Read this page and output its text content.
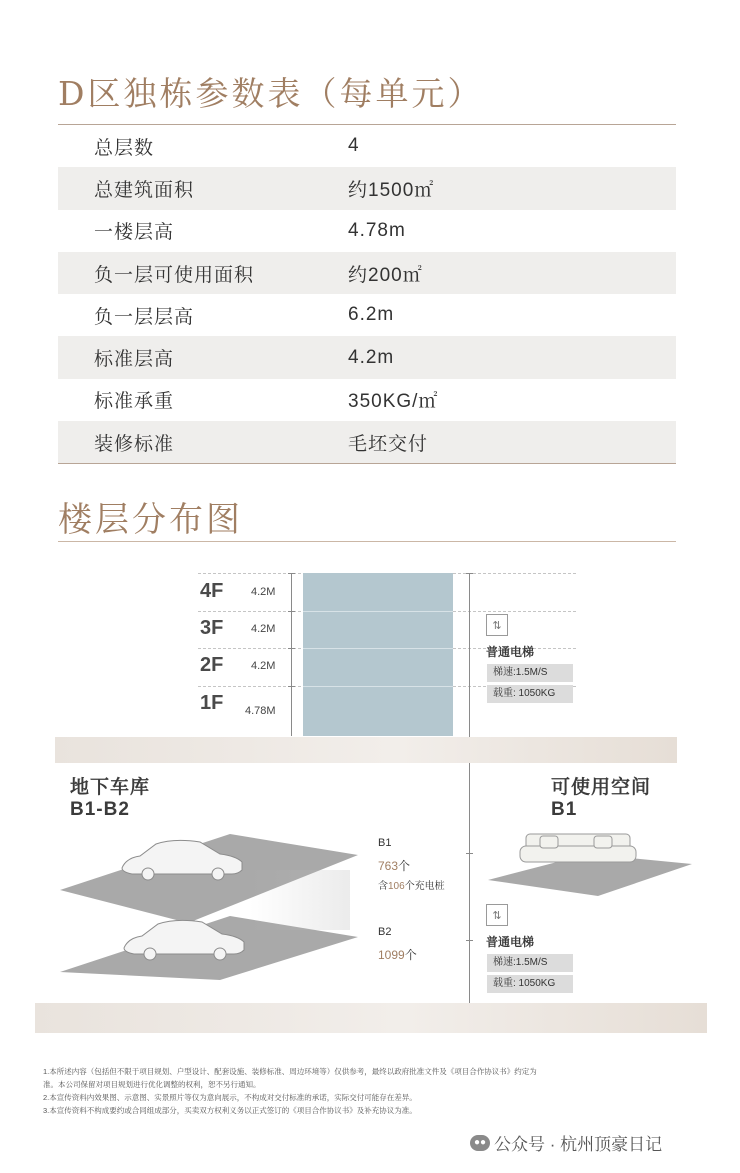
D区独栋参数表（每单元）
总层数	4
总建筑面积	约1500㎡
一楼层高	4.78m
负一层可使用面积	约200㎡
负一层层高	6.2m
标准层高	4.2m
标准承重	350KG/㎡
装修标准	毛坯交付
楼层分布图
4F	4.2M
3F	4.2M
2F	4.2M
1F	4.78M
⇅
普通电梯
梯速:1.5M/S
载重: 1050KG
地下车库
B1-B2
可使用空间
B1
B1
763个
含106个充电桩
B2
1099个
⇅
普通电梯
梯速:1.5M/S
载重: 1050KG
1.本所述内容（包括但不限于项目规划、户型设计、配套设施、装修标准、周边环境等）仅供参考，最终以政府批准文件及《项目合作协议书》约定为
准。本公司保留对项目规划进行优化调整的权利，恕不另行通知。
2.本宣传资料内效果图、示意图、实景照片等仅为意向展示，不构成对交付标准的承诺，实际交付可能存在差异。
3.本宣传资料不构成要约或合同组成部分，买卖双方权利义务以正式签订的《项目合作协议书》及补充协议为准。
●● 公众号 · 杭州顶豪日记
